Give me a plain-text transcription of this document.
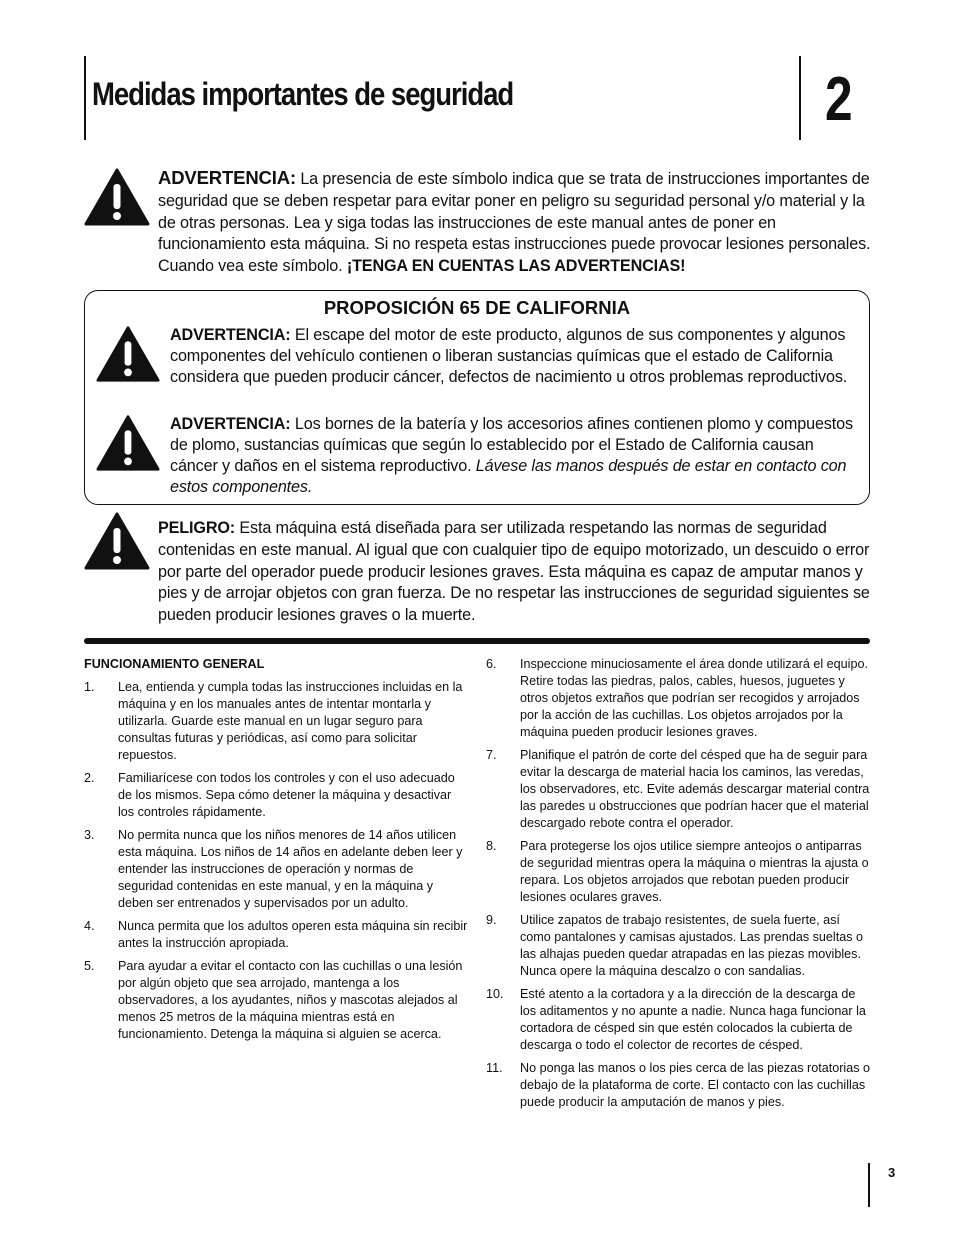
Medidas importantes de seguridad	2
ADVERTENCIA: La presencia de este símbolo indica que se trata de instrucciones importantes de seguridad que se deben respetar para evitar poner en peligro su seguridad personal y/o material y la de otras personas. Lea y siga todas las instrucciones de este manual antes de poner en funcionamiento esta máquina. Si no respeta estas instrucciones puede provocar lesiones personales. Cuando vea este símbolo. ¡TENGA EN CUENTAS LAS ADVERTENCIAS!
PROPOSICIÓN 65 DE CALIFORNIA
ADVERTENCIA: El escape del motor de este producto, algunos de sus componentes y algunos componentes del vehículo contienen o liberan sustancias químicas que el estado de California considera que pueden producir cáncer, defectos de nacimiento u otros problemas reproductivos.
ADVERTENCIA: Los bornes de la batería y los accesorios afines contienen plomo y compuestos de plomo, sustancias químicas que según lo establecido por el Estado de California causan cáncer y daños en el sistema reproductivo. Lávese las manos después de estar en contacto con estos componentes.
PELIGRO: Esta máquina está diseñada para ser utilizada respetando las normas de seguridad contenidas en este manual. Al igual que con cualquier tipo de equipo motorizado, un descuido o error por parte del operador puede producir lesiones graves. Esta máquina es capaz de amputar manos y pies y de arrojar objetos con gran fuerza. De no respetar las instrucciones de seguridad siguientes se pueden producir lesiones graves o la muerte.
FUNCIONAMIENTO GENERAL
1.	Lea, entienda y cumpla todas las instrucciones incluidas en la máquina y en los manuales antes de intentar montarla y utilizarla. Guarde este manual en un lugar seguro para consultas futuras y periódicas, así como para solicitar repuestos.
2.	Familiarícese con todos los controles y con el uso adecuado de los mismos. Sepa cómo detener la máquina y desactivar los controles rápidamente.
3.	No permita nunca que los niños menores de 14 años utilicen esta máquina. Los niños de 14 años en adelante deben leer y entender las instrucciones de operación y normas de seguridad contenidas en este manual, y en la máquina y deben ser entrenados y supervisados por un adulto.
4.	Nunca permita que los adultos operen esta máquina sin recibir antes la instrucción apropiada.
5.	Para ayudar a evitar el contacto con las cuchillas o una lesión por algún objeto que sea arrojado, mantenga a los observadores, a los ayudantes, niños y mascotas alejados al menos 25 metros de la máquina mientras está en funcionamiento. Detenga la máquina si alguien se acerca.
6.	Inspeccione minuciosamente el área donde utilizará el equipo. Retire todas las piedras, palos, cables, huesos, juguetes y otros objetos extraños que podrían ser recogidos y arrojados por la acción de las cuchillas. Los objetos arrojados por la máquina pueden producir lesiones graves.
7.	Planifique el patrón de corte del césped que ha de seguir para evitar la descarga de material hacia los caminos, las veredas, los observadores, etc. Evite además descargar material contra las paredes u obstrucciones que podrían hacer que el material descargado rebote contra el operador.
8.	Para protegerse los ojos utilice siempre anteojos o antiparras de seguridad mientras opera la máquina o mientras la ajusta o repara. Los objetos arrojados que rebotan pueden producir lesiones oculares graves.
9.	Utilice zapatos de trabajo resistentes, de suela fuerte, así como pantalones y camisas ajustados. Las prendas sueltas o las alhajas pueden quedar atrapadas en las piezas movibles. Nunca opere la máquina descalzo o con sandalias.
10.	Esté atento a la cortadora y a la dirección de la descarga de los aditamentos y no apunte a nadie. Nunca haga funcionar la cortadora de césped sin que estén colocados la cubierta de descarga o todo el colector de recortes de césped.
11.	No ponga las manos o los pies cerca de las piezas rotatorias o debajo de la plataforma de corte. El contacto con las cuchillas puede producir la amputación de manos y pies.
3
